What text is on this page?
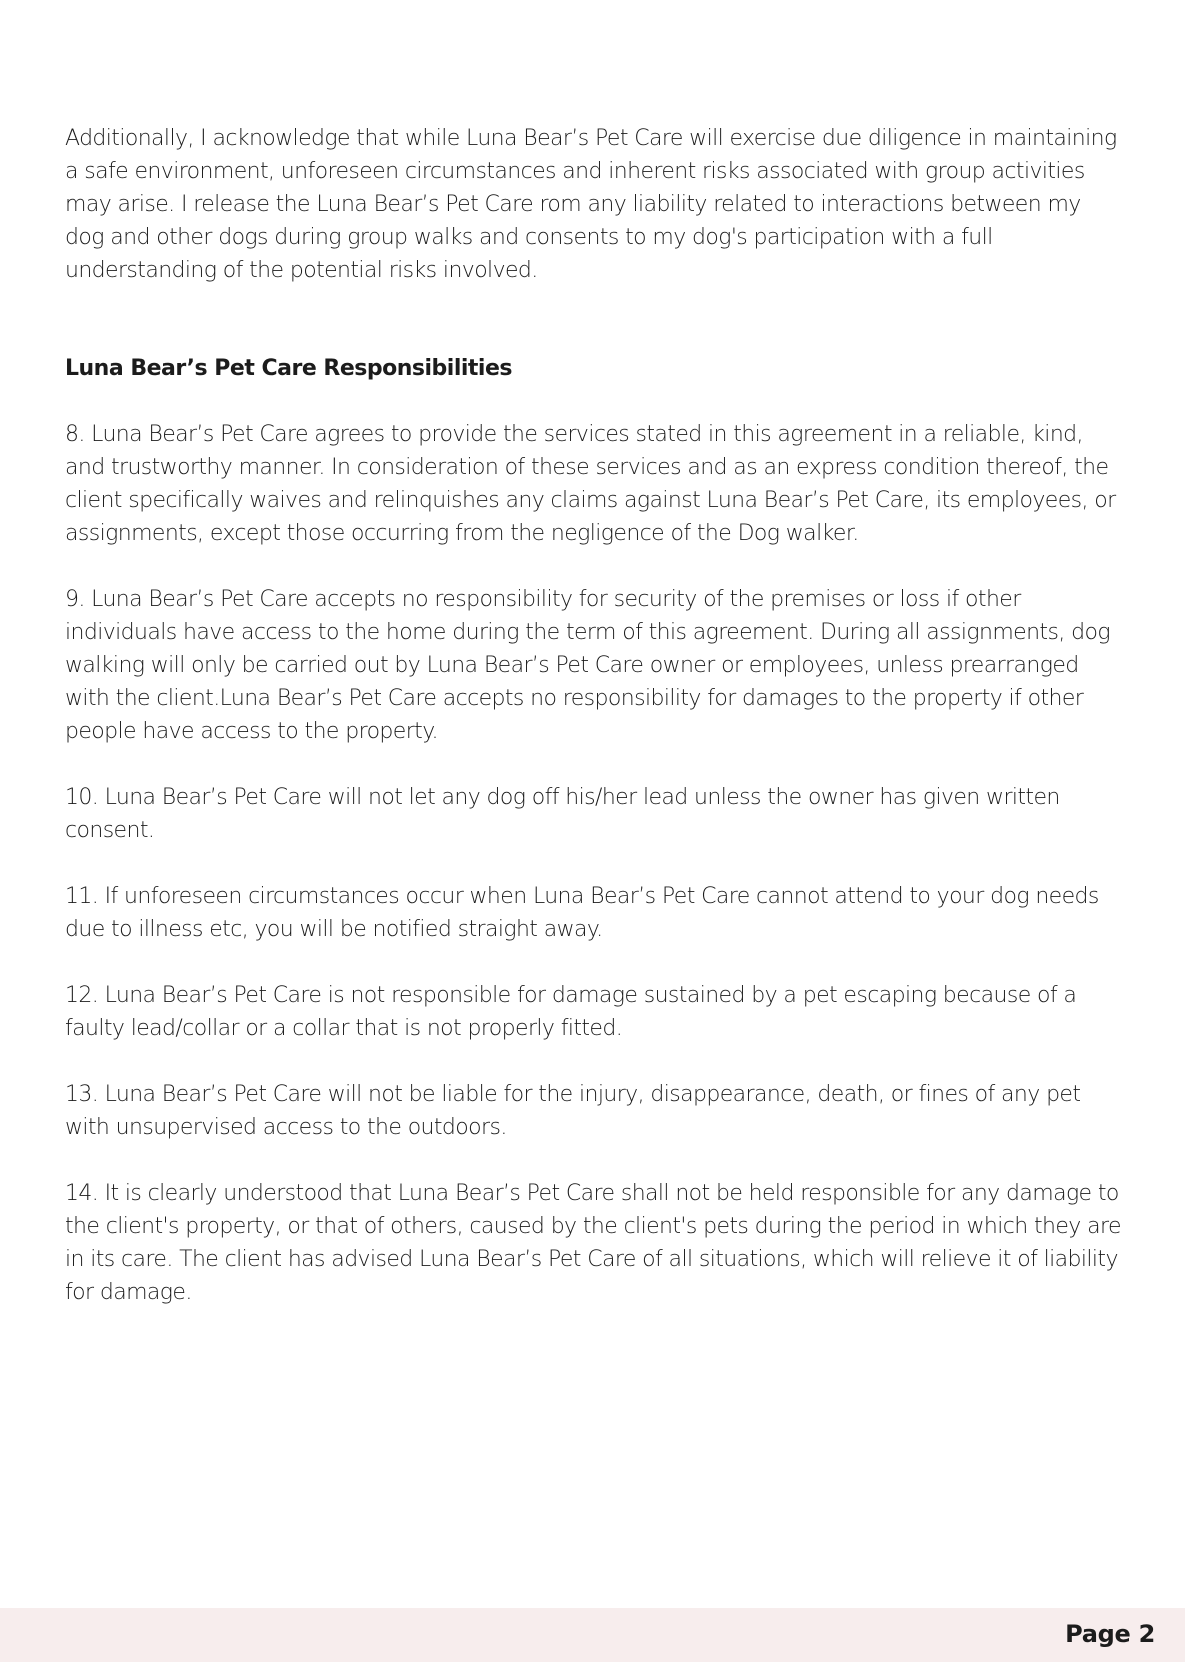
Additionally, I acknowledge that while Luna Bear’s Pet Care will exercise due diligence in maintaining a safe environment, unforeseen circumstances and inherent risks associated with group activities may arise. I release the Luna Bear’s Pet Care rom any liability related to interactions between my dog and other dogs during group walks and consents to my dog's participation with a full understanding of the potential risks involved.

Luna Bear’s Pet Care Responsibilities

8. Luna Bear’s Pet Care agrees to provide the services stated in this agreement in a reliable, kind, and trustworthy manner. In consideration of these services and as an express condition thereof, the client specifically waives and relinquishes any claims against Luna Bear’s Pet Care, its employees, or assignments, except those occurring from the negligence of the Dog walker.

9. Luna Bear’s Pet Care accepts no responsibility for security of the premises or loss if other individuals have access to the home during the term of this agreement. During all assignments, dog walking will only be carried out by Luna Bear’s Pet Care owner or employees, unless prearranged with the client.Luna Bear’s Pet Care accepts no responsibility for damages to the property if other people have access to the property.

10. Luna Bear’s Pet Care will not let any dog off his/her lead unless the owner has given written consent.

11. If unforeseen circumstances occur when Luna Bear’s Pet Care cannot attend to your dog needs due to illness etc, you will be notified straight away.

12. Luna Bear’s Pet Care is not responsible for damage sustained by a pet escaping because of a faulty lead/collar or a collar that is not properly fitted.

13. Luna Bear’s Pet Care will not be liable for the injury, disappearance, death, or fines of any pet with unsupervised access to the outdoors.

14. It is clearly understood that Luna Bear’s Pet Care shall not be held responsible for any damage to the client's property, or that of others, caused by the client's pets during the period in which they are in its care. The client has advised Luna Bear’s Pet Care of all situations, which will relieve it of liability for damage.

Page 2
